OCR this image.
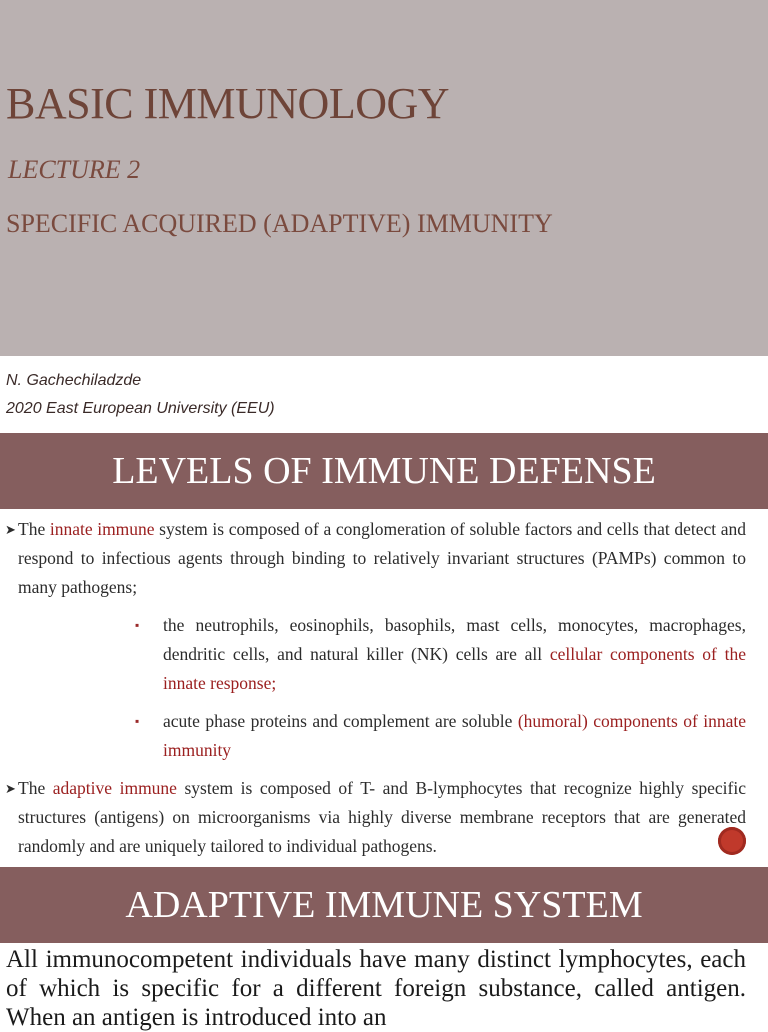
BASIC IMMUNOLOGY
LECTURE 2
SPECIFIC ACQUIRED (ADAPTIVE) IMMUNITY
N. Gachechiladzde
2020 East European University (EEU)
LEVELS OF IMMUNE DEFENSE
➤ The innate immune system is composed of a conglomeration of soluble factors and cells that detect and respond to infectious agents through binding to relatively invariant structures (PAMPs) common to many pathogens;
▪ the neutrophils, eosinophils, basophils, mast cells, monocytes, macrophages, dendritic cells, and natural killer (NK) cells are all cellular components of the innate response;
▪ acute phase proteins and complement are soluble (humoral) components of innate immunity
➤ The adaptive immune system is composed of T- and B-lymphocytes that recognize highly specific structures (antigens) on microorganisms via highly diverse membrane receptors that are generated randomly and are uniquely tailored to individual pathogens.
ADAPTIVE IMMUNE SYSTEM
All immunocompetent individuals have many distinct lymphocytes, each of which is specific for a different foreign substance, called antigen. When an antigen is introduced into an
